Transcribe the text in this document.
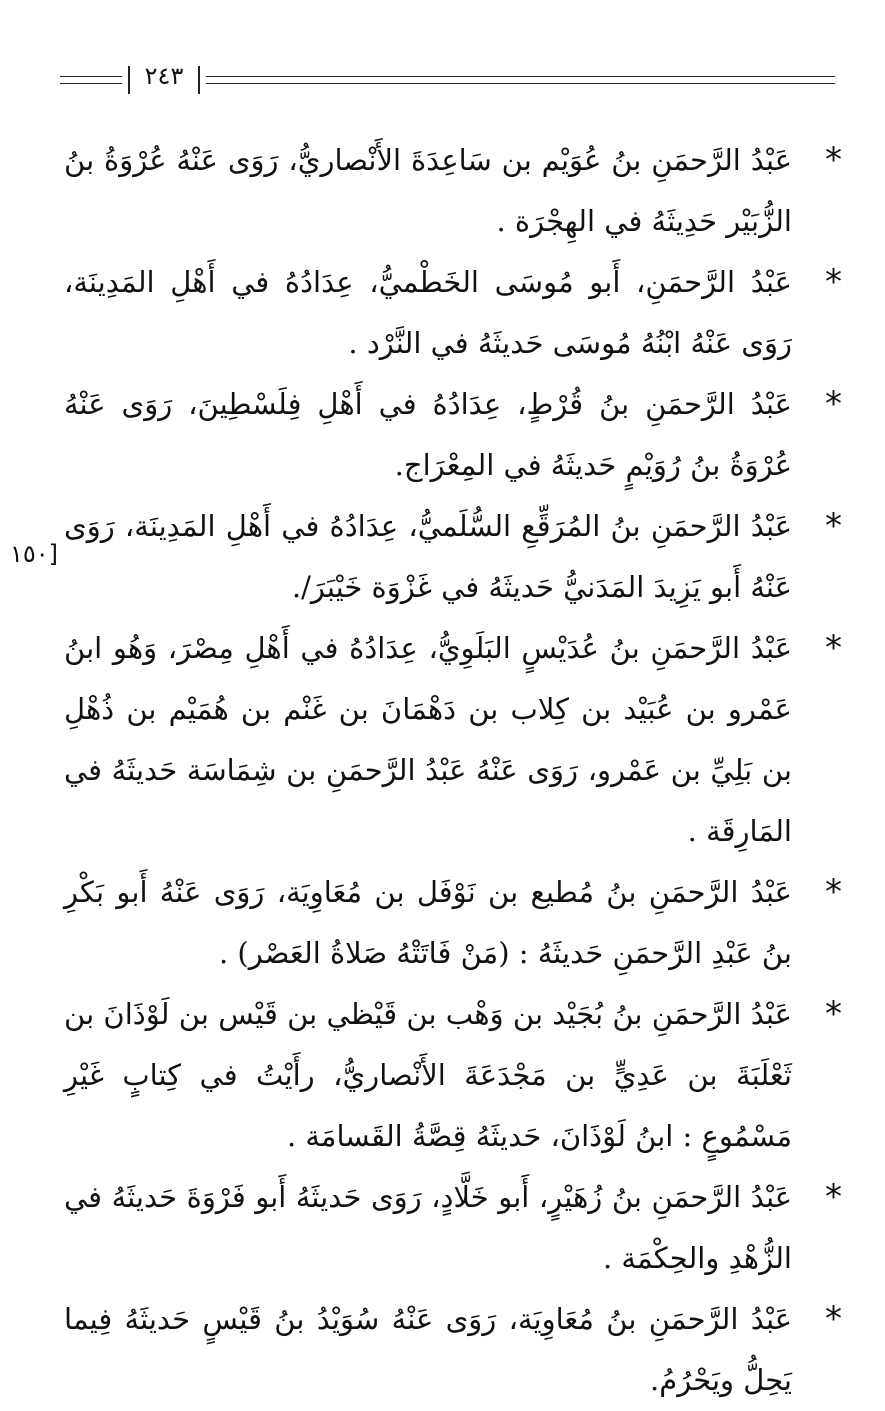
٢٤٣
[١٥٠

*
عَبْدُ الرَّحمَنِ بنُ عُوَيْم بن سَاعِدَةَ الأَنْصاريُّ، رَوَى عَنْهُ عُرْوَةُ بنُ الزُّبَيْر حَدِيثَهُ في الهِجْرَة .

*
عَبْدُ الرَّحمَنِ، أَبو مُوسَى الخَطْميُّ، عِدَادُهُ في أَهْلِ المَدِينَة، رَوَى عَنْهُ ابْنُهُ مُوسَى حَديثَهُ في النَّرْد .

*
عَبْدُ الرَّحمَنِ بنُ قُرْطٍ، عِدَادُهُ في أَهْلِ فِلَسْطِينَ، رَوَى عَنْهُ عُرْوَةُ بنُ رُوَيْمٍ حَديثَهُ في المِعْرَاج.

*
عَبْدُ الرَّحمَنِ بنُ المُرَقِّعِ السُّلَميُّ، عِدَادُهُ في أَهْلِ المَدِينَة، رَوَى عَنْهُ أَبو يَزِيدَ المَدَنيُّ حَديثَهُ في غَزْوَة خَيْبَرَ/.

*
عَبْدُ الرَّحمَنِ بنُ عُدَيْسٍ البَلَوِيُّ، عِدَادُهُ في أَهْلِ مِصْرَ، وَهُو ابنُ عَمْرو بن عُبَيْد بن كِلاب بن دَهْمَانَ بن غَنْم بن هُمَيْم بن ذُهْلِ بن بَلِيِّ بن عَمْرو، رَوَى عَنْهُ عَبْدُ الرَّحمَنِ بن شِمَاسَة حَديثَهُ في المَارِقَة .

*
عَبْدُ الرَّحمَنِ بنُ مُطيع بن نَوْفَل بن مُعَاوِيَة، رَوَى عَنْهُ أَبو بَكْرِ بنُ عَبْدِ الرَّحمَنِ حَديثَهُ : (مَنْ فَاتَتْهُ صَلاةُ العَصْر) .

*
عَبْدُ الرَّحمَنِ بنُ بُجَيْد بن وَهْب بن قَيْظي بن قَيْس بن لَوْذَانَ بن ثَعْلَبَةَ بن عَدِيٍّ بن مَجْدَعَةَ الأَنْصاريُّ، رأَيْتُ في كِتابٍ غَيْرِ مَسْمُوعٍ : ابنُ لَوْذَانَ، حَديثَهُ قِصَّةُ القَسامَة .

*
عَبْدُ الرَّحمَنِ بنُ زُهَيْرٍ، أَبو خَلَّادٍ، رَوَى حَديثَهُ أَبو فَرْوَةَ حَديثَهُ في الزُّهْدِ والحِكْمَة .

*
عَبْدُ الرَّحمَنِ بنُ مُعَاوِيَة، رَوَى عَنْهُ سُوَيْدُ بنُ قَيْسٍ حَديثَهُ فِيما يَحِلُّ ويَحْرُمُ.
